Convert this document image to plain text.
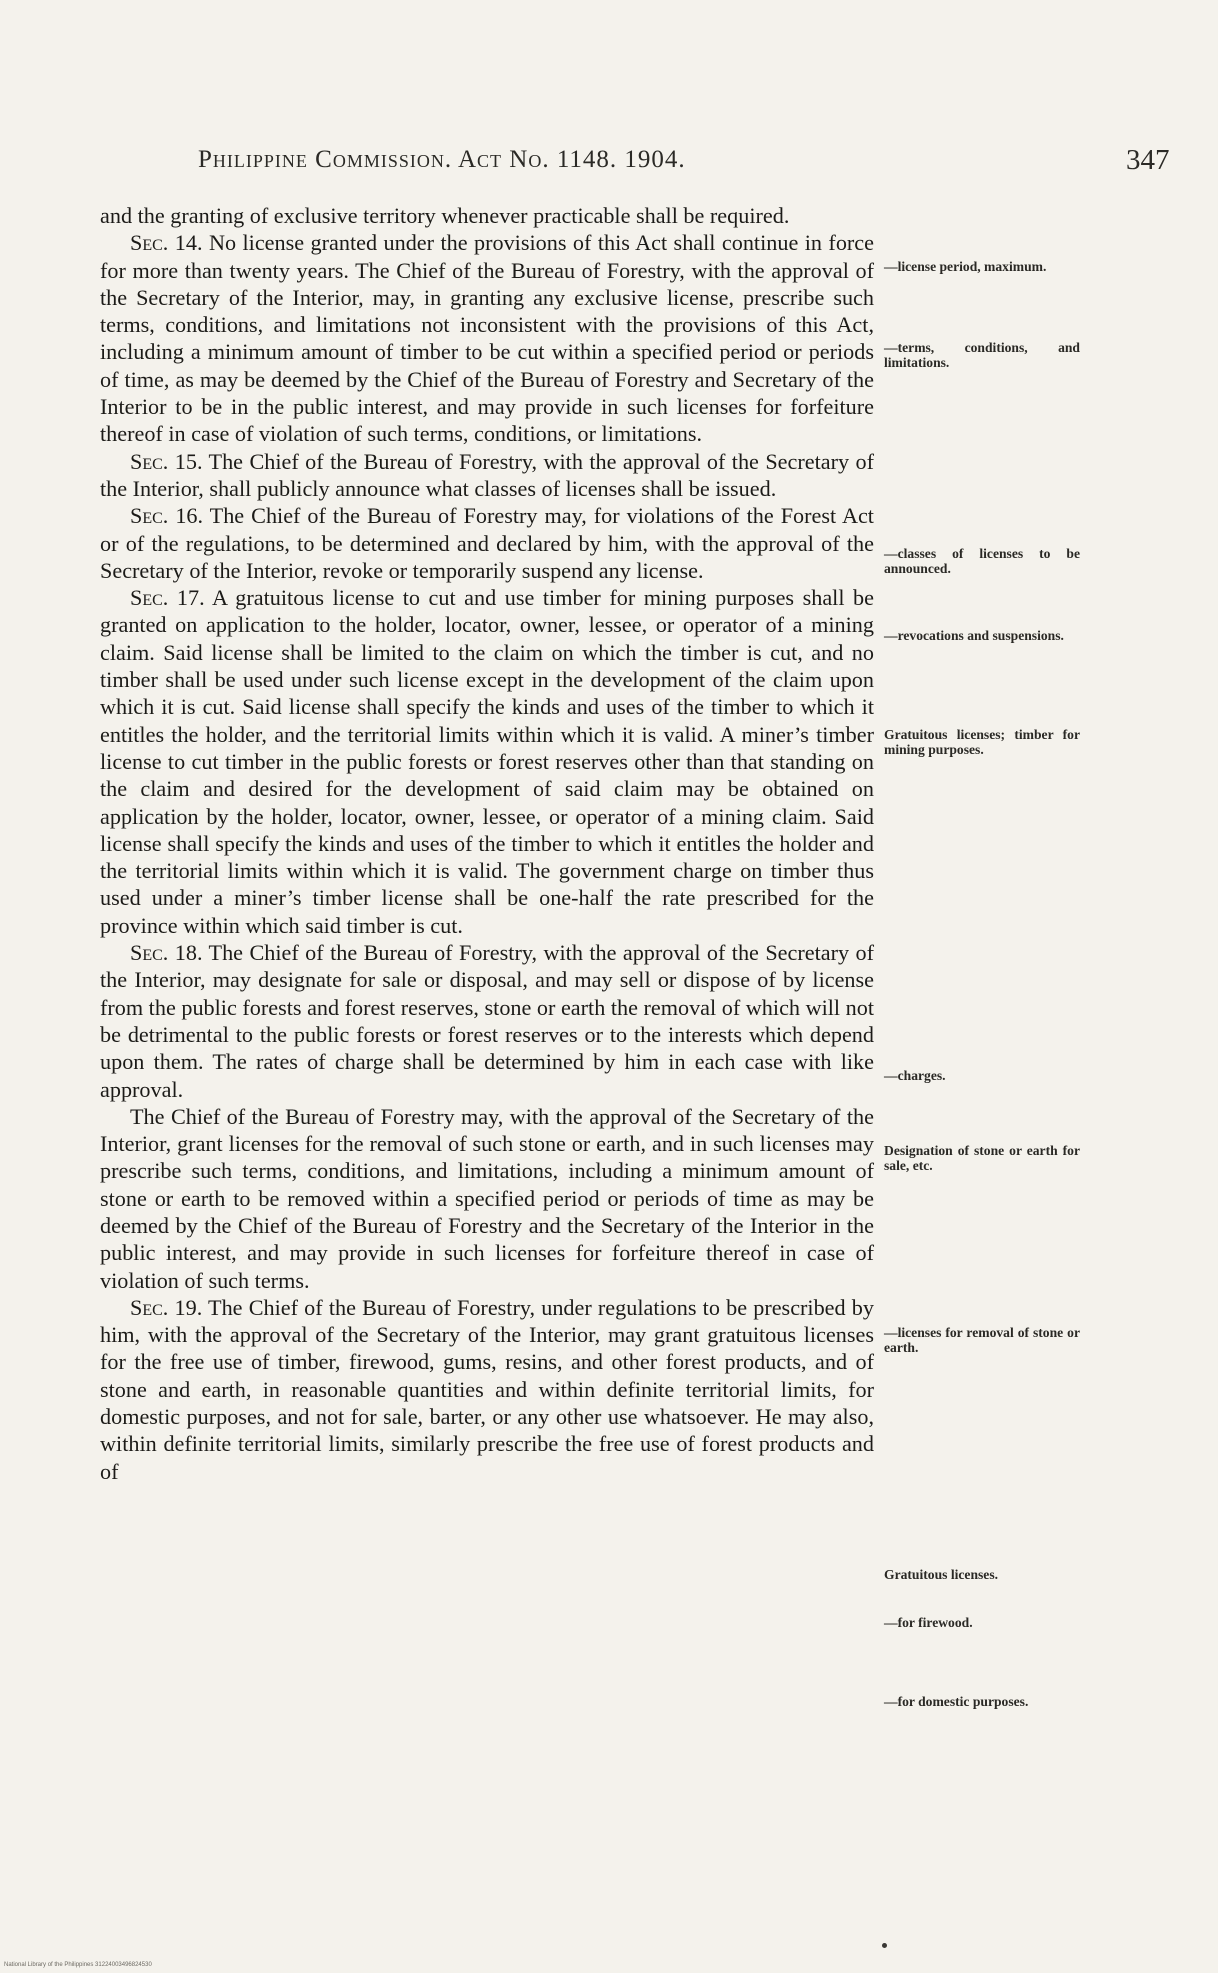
Philippine Commission. Act No. 1148. 1904.	347

and the granting of exclusive territory whenever practicable shall be required.

Sec. 14. No license granted under the provisions of this Act shall continue in force for more than twenty years. The Chief of the Bureau of Forestry, with the approval of the Secretary of the Interior, may, in granting any exclusive license, prescribe such terms, conditions, and limitations not inconsistent with the provisions of this Act, including a minimum amount of timber to be cut within a specified period or periods of time, as may be deemed by the Chief of the Bureau of Forestry and Secretary of the Interior to be in the public interest, and may provide in such licenses for forfeiture thereof in case of violation of such terms, conditions, or limitations.

Sec. 15. The Chief of the Bureau of Forestry, with the approval of the Secretary of the Interior, shall publicly announce what classes of licenses shall be issued.

Sec. 16. The Chief of the Bureau of Forestry may, for violations of the Forest Act or of the regulations, to be determined and declared by him, with the approval of the Secretary of the Interior, revoke or temporarily suspend any license.

Sec. 17. A gratuitous license to cut and use timber for mining purposes shall be granted on application to the holder, locator, owner, lessee, or operator of a mining claim. Said license shall be limited to the claim on which the timber is cut, and no timber shall be used under such license except in the development of the claim upon which it is cut. Said license shall specify the kinds and uses of the timber to which it entitles the holder, and the territorial limits within which it is valid. A miner’s timber license to cut timber in the public forests or forest reserves other than that standing on the claim and desired for the development of said claim may be obtained on application by the holder, locator, owner, lessee, or operator of a mining claim. Said license shall specify the kinds and uses of the timber to which it entitles the holder and the territorial limits within which it is valid. The government charge on timber thus used under a miner’s timber license shall be one-half the rate prescribed for the province within which said timber is cut.

Sec. 18. The Chief of the Bureau of Forestry, with the approval of the Secretary of the Interior, may designate for sale or disposal, and may sell or dispose of by license from the public forests and forest reserves, stone or earth the removal of which will not be detrimental to the public forests or forest reserves or to the interests which depend upon them. The rates of charge shall be determined by him in each case with like approval.

The Chief of the Bureau of Forestry may, with the approval of the Secretary of the Interior, grant licenses for the removal of such stone or earth, and in such licenses may prescribe such terms, conditions, and limitations, including a minimum amount of stone or earth to be removed within a specified period or periods of time as may be deemed by the Chief of the Bureau of Forestry and the Secretary of the Interior in the public interest, and may provide in such licenses for forfeiture thereof in case of violation of such terms.

Sec. 19. The Chief of the Bureau of Forestry, under regulations to be prescribed by him, with the approval of the Secretary of the Interior, may grant gratuitous licenses for the free use of timber, firewood, gums, resins, and other forest products, and of stone and earth, in reasonable quantities and within definite territorial limits, for domestic purposes, and not for sale, barter, or any other use whatsoever. He may also, within definite territorial limits, similarly prescribe the free use of forest products and of

—license period, maximum.
—terms, conditions, and limitations.
—classes of licenses to be announced.
—revocations and suspensions.
Gratuitous licenses; timber for mining purposes.
—charges.
Designation of stone or earth for sale, etc.
—licenses for removal of stone or earth.
Gratuitous licenses.
—for firewood.
—for domestic purposes.
National Library of the Philippines 31224003496824530
